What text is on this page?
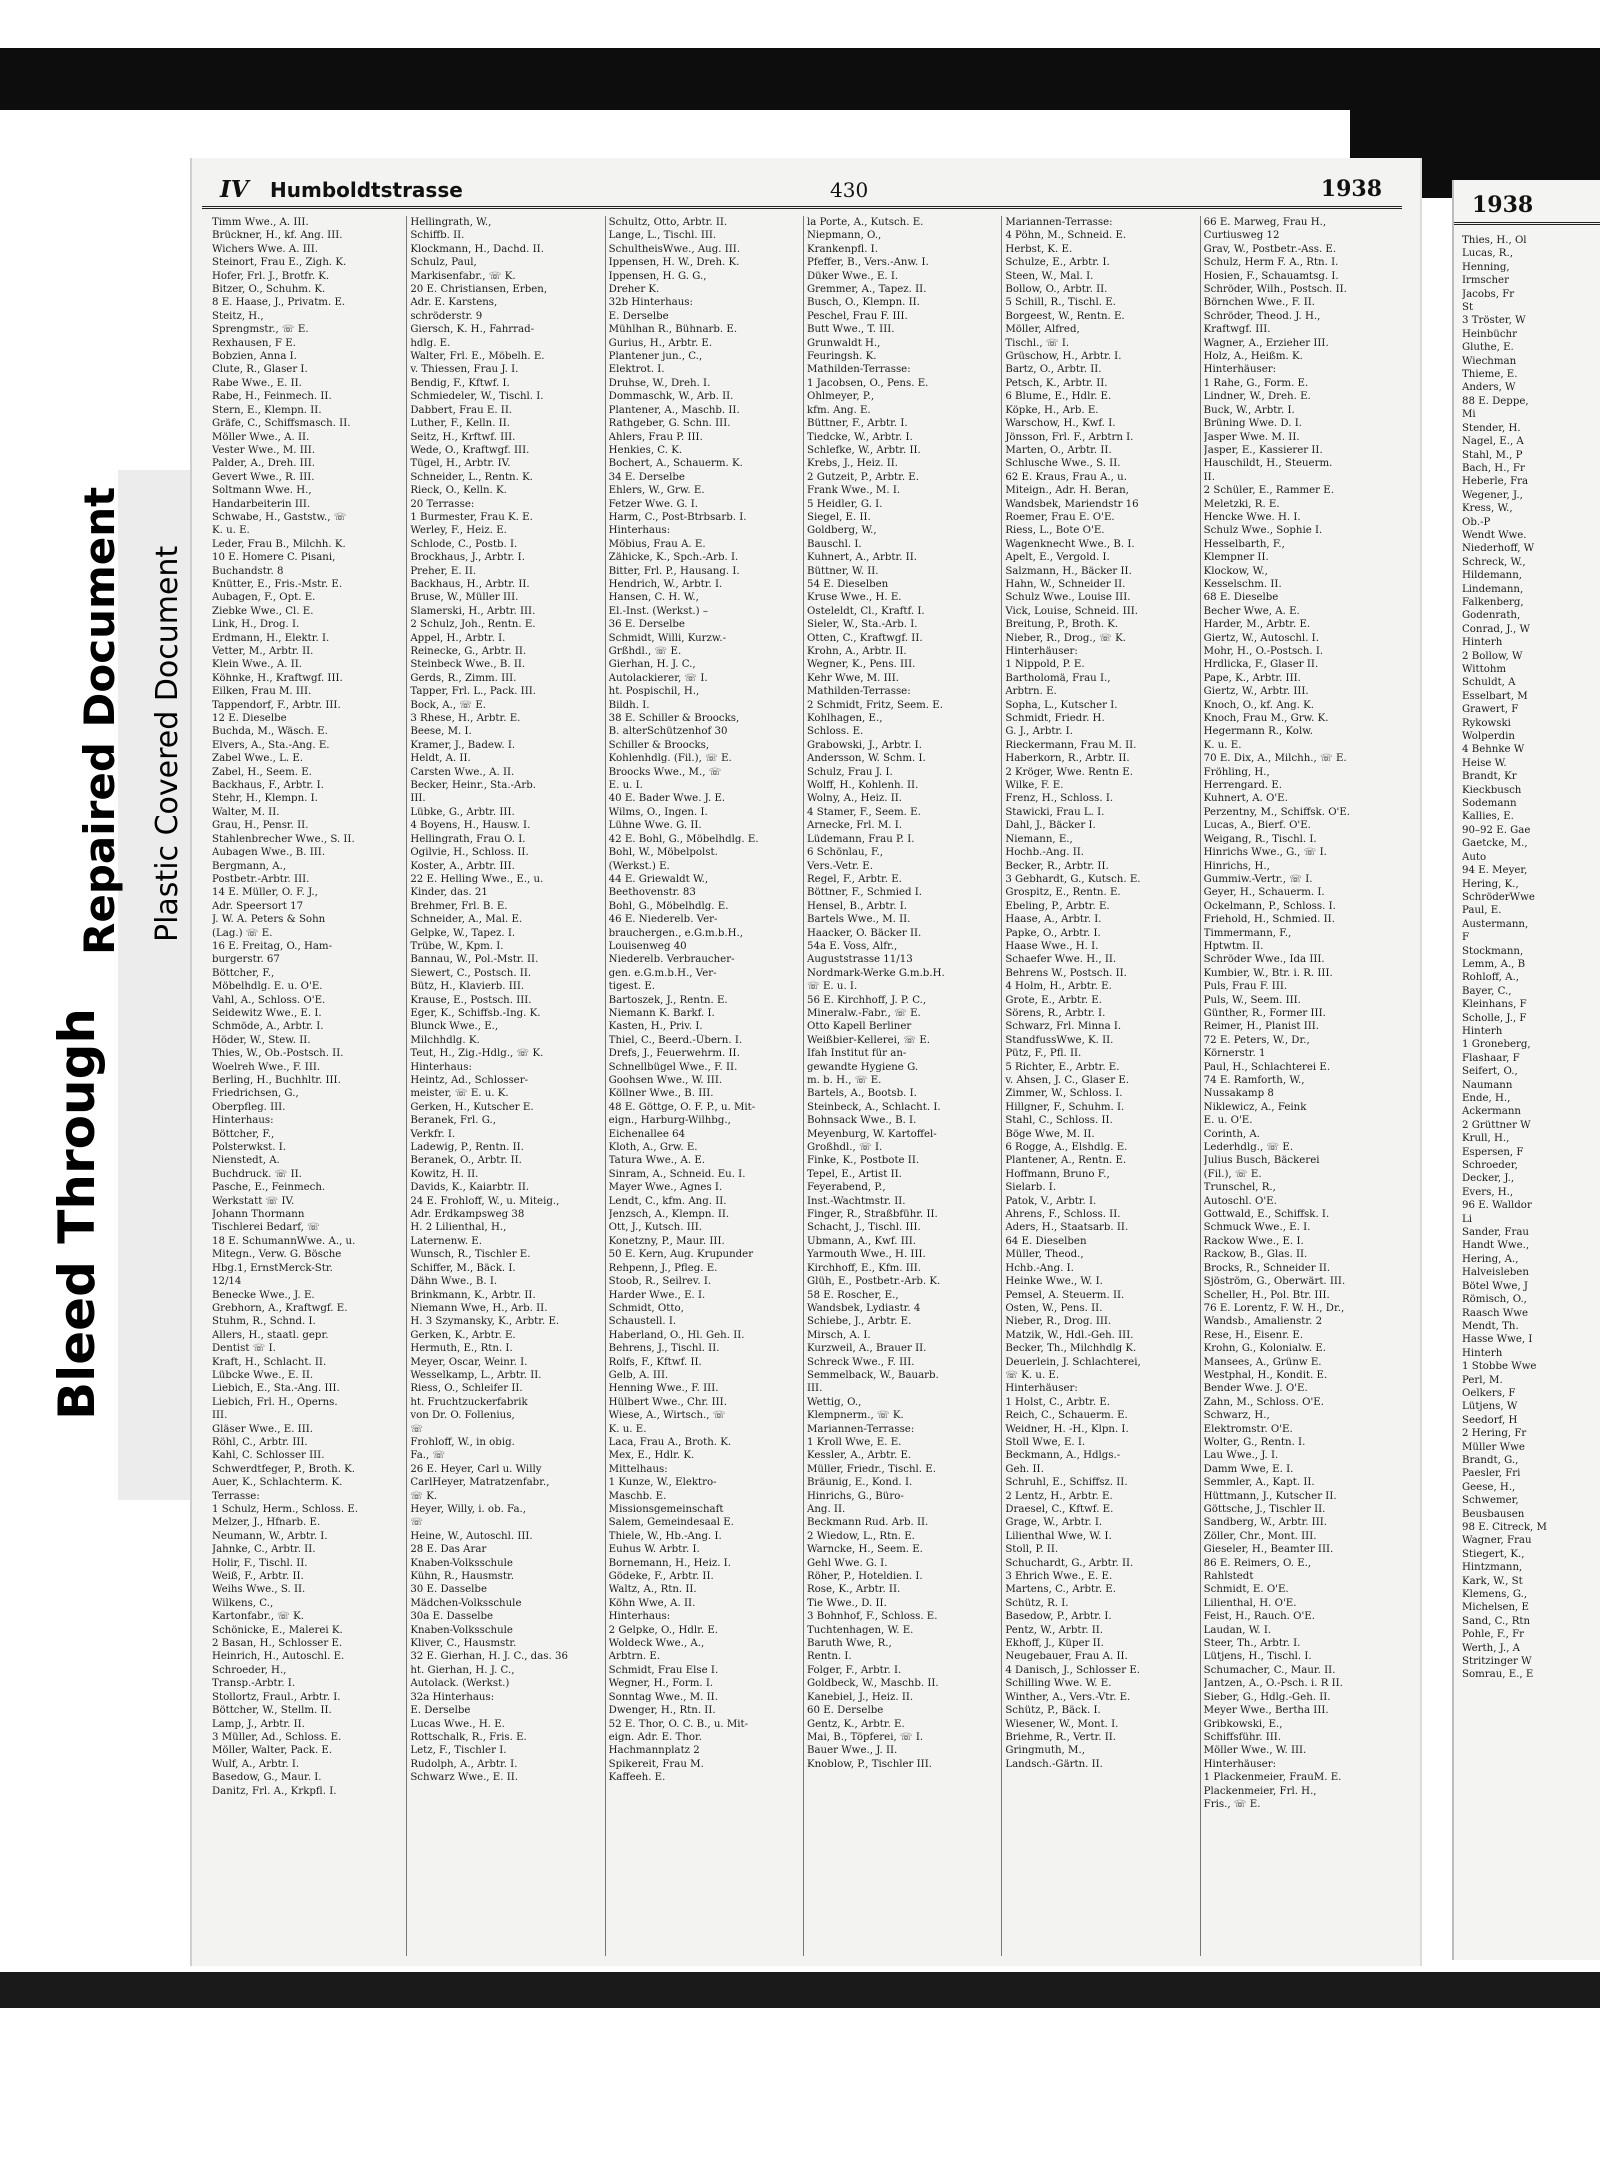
Bleed Through
Repaired Document Plastic Covered Document
IV Humboldtstrasse	430	1938
Timm Wwe., A. III.
Brückner, H., kf. Ang. III.
Wichers Wwe. A. III.
Steinort, Frau E., Zigh. K.
Hofer, Frl. J., Brotfr. K.
Bitzer, O., Schuhm. K.
8 E. Haase, J., Privatm. E.
Steitz, H.,
Sprengmstr., ☏ E.
Rexhausen, F E.
Bobzien, Anna I.
Clute, R., Glaser I.
Rabe Wwe., E. II.
Rabe, H., Feinmech. II.
Stern, E., Klempn. II.
Gräfe, C., Schiffsmasch. II.
Möller Wwe., A. II.
Vester Wwe., M. III.
Palder, A., Dreh. III.
Gevert Wwe., R. III.
Soltmann Wwe. H.,
Handarbeiterin III.
Schwabe, H., Gaststw., ☏
K. u. E.
Leder, Frau B., Milchh. K.
10 E. Homere C. Pisani,
Buchandstr. 8
Knütter, E., Fris.-Mstr. E.
Aubagen, F., Opt. E.
Ziebke Wwe., Cl. E.
Link, H., Drog. I.
Erdmann, H., Elektr. I.
Vetter, M., Arbtr. II.
Klein Wwe., A. II.
Köhnke, H., Kraftwgf. III.
Eilken, Frau M. III.
Tappendorf, F., Arbtr. III.
12 E. Dieselbe
Buchda, M., Wäsch. E.
Elvers, A., Sta.-Ang. E.
Zabel Wwe., L. E.
Zabel, H., Seem. E.
Backhaus, F., Arbtr. I.
Stehr, H., Klempn. I.
Walter, M. II.
Grau, H., Pensr. II.
Stahlenbrecher Wwe., S. II.
Aubagen Wwe., B. III.
Bergmann, A.,
Postbetr.-Arbtr. III.
14 E. Müller, O. F. J.,
Adr. Speersort 17
J. W. A. Peters & Sohn
(Lag.) ☏ E.
16 E. Freitag, O., Ham-
burgerstr. 67
Böttcher, F.,
Möbelhdlg. E. u. O'E.
Vahl, A., Schloss. O'E.
Seidewitz Wwe., E. I.
Schmöde, A., Arbtr. I.
Höder, W., Stew. II.
Thies, W., Ob.-Postsch. II.
Woelreh Wwe., F. III.
Berling, H., Buchhltr. III.
Friedrichsen, G.,
Oberpfleg. III.
Hinterhaus:
Böttcher, F.,
Polsterwkst. I.
Nienstedt, A.
Buchdruck. ☏ II.
Pasche, E., Feinmech.
Werkstatt ☏ IV.
Johann Thormann
Tischlerei Bedarf, ☏
18 E. SchumannWwe. A., u.
Mitegn., Verw. G. Bösche
Hbg.1, ErnstMerck-Str.
12/14
Benecke Wwe., J. E.
Grebhorn, A., Kraftwgf. E.
Stuhm, R., Schnd. I.
Allers, H., staatl. gepr.
Dentist ☏ I.
Kraft, H., Schlacht. II.
Lübcke Wwe., E. II.
Liebich, E., Sta.-Ang. III.
Liebich, Frl. H., Operns.
III.
Gläser Wwe., E. III.
Röhl, C., Arbtr. III.
Kahl, C. Schlosser III.
Schwerdtfeger, P., Broth. K.
Auer, K., Schlachterm. K.
Terrasse:
1 Schulz, Herm., Schloss. E.
Melzer, J., Hfnarb. E.
Neumann, W., Arbtr. I.
Jahnke, C., Arbtr. II.
Holir, F., Tischl. II.
Weiß, F., Arbtr. II.
Weihs Wwe., S. II.
Wilkens, C.,
Kartonfabr., ☏ K.
Schönicke, E., Malerei K.
2 Basan, H., Schlosser E.
Heinrich, H., Autoschl. E.
Schroeder, H.,
Transp.-Arbtr. I.
Stollortz, Fraul., Arbtr. I.
Böttcher, W., Stellm. II.
Lamp, J., Arbtr. II.
3 Müller, Ad., Schloss. E.
Möller, Walter, Pack. E.
Wulf, A., Arbtr. I.
Basedow, G., Maur. I.
Danitz, Frl. A., Krkpfl. I.
Hellingrath, W.,
Schiffb. II.
Klockmann, H., Dachd. II.
Schulz, Paul,
Markisenfabr., ☏ K.
20 E. Christiansen, Erben,
Adr. E. Karstens,
schröderstr. 9
Giersch, K. H., Fahrrad-
hdlg. E.
Walter, Frl. E., Möbelh. E.
v. Thiessen, Frau J. I.
Bendig, F., Kftwf. I.
Schmiedeler, W., Tischl. I.
Dabbert, Frau E. II.
Luther, F., Kelln. II.
Seitz, H., Krftwf. III.
Wede, O., Kraftwgf. III.
Tügel, H., Arbtr. IV.
Schneider, L., Rentn. K.
Rieck, O., Kelln. K.
20 Terrasse:
1 Burmester, Frau K. E.
Werley, F., Heiz. E.
Schlode, C., Postb. I.
Brockhaus, J., Arbtr. I.
Preher, E. II.
Backhaus, H., Arbtr. II.
Bruse, W., Müller III.
Slamerski, H., Arbtr. III.
2 Schulz, Joh., Rentn. E.
Appel, H., Arbtr. I.
Reinecke, G., Arbtr. II.
Steinbeck Wwe., B. II.
Gerds, R., Zimm. III.
Tapper, Frl. L., Pack. III.
Bock, A., ☏ E.
3 Rhese, H., Arbtr. E.
Beese, M. I.
Kramer, J., Badew. I.
Heldt, A. II.
Carsten Wwe., A. II.
Becker, Heinr., Sta.-Arb.
III.
Lübke, G., Arbtr. III.
4 Boyens, H., Hausw. I.
Hellingrath, Frau O. I.
Ogilvie, H., Schloss. II.
Koster, A., Arbtr. III.
22 E. Helling Wwe., E., u.
Kinder, das. 21
Brehmer, Frl. B. E.
Schneider, A., Mal. E.
Gelpke, W., Tapez. I.
Trübe, W., Kpm. I.
Bannau, W., Pol.-Mstr. II.
Siewert, C., Postsch. II.
Bütz, H., Klavierb. III.
Krause, E., Postsch. III.
Eger, K., Schiffsb.-Ing. K.
Blunck Wwe., E.,
Milchhdlg. K.
Teut, H., Zig.-Hdlg., ☏ K.
Hinterhaus:
Heintz, Ad., Schlosser-
meister, ☏ E. u. K.
Gerken, H., Kutscher E.
Beranek, Frl. G.,
Verkfr. I.
Ladewig, P., Rentn. II.
Beranek, O., Arbtr. II.
Kowitz, H. II.
Davids, K., Kaiarbtr. II.
24 E. Frohloff, W., u. Miteig.,
Adr. Erdkampsweg 38
H. 2 Lilienthal, H.,
Laternenw. E.
Wunsch, R., Tischler E.
Schiffer, M., Bäck. I.
Dähn Wwe., B. I.
Brinkmann, K., Arbtr. II.
Niemann Wwe, H., Arb. II.
H. 3 Szymansky, K., Arbtr. E.
Gerken, K., Arbtr. E.
Hermuth, E., Rtn. I.
Meyer, Oscar, Weinr. I.
Wesselkamp, L., Arbtr. II.
Riess, O., Schleifer II.
ht. Fruchtzuckerfabrik
von Dr. O. Follenius,
☏
Frohloff, W., in obig.
Fa., ☏
26 E. Heyer, Carl u. Willy
CarlHeyer, Matratzenfabr.,
☏ K.
Heyer, Willy, i. ob. Fa.,
☏
Heine, W., Autoschl. III.
28 E. Das Arar
Knaben-Volksschule
Kühn, R., Hausmstr.
30 E. Dasselbe
Mädchen-Volksschule
30a E. Dasselbe
Knaben-Volksschule
Kliver, C., Hausmstr.
32 E. Gierhan, H. J. C., das. 36
ht. Gierhan, H. J. C.,
Autolack. (Werkst.)
32a Hinterhaus:
E. Derselbe
Lucas Wwe., H. E.
Rottschalk, R., Fris. E.
Letz, F., Tischler I.
Rudolph, A., Arbtr. I.
Schwarz Wwe., E. II.
Schultz, Otto, Arbtr. II.
Lange, L., Tischl. III.
SchultheisWwe., Aug. III.
Ippensen, H. W., Dreh. K.
Ippensen, H. G. G.,
Dreher K.
32b Hinterhaus:
E. Derselbe
Mühlhan R., Bühnarb. E.
Gurius, H., Arbtr. E.
Plantener jun., C.,
Elektrot. I.
Druhse, W., Dreh. I.
Dommaschk, W., Arb. II.
Plantener, A., Maschb. II.
Rathgeber, G. Schn. III.
Ahlers, Frau P. III.
Henkies, C. K.
Bochert, A., Schauerm. K.
34 E. Derselbe
Ehlers, W., Grw. E.
Fetzer Wwe. G. I.
Harm, C., Post-Btrbsarb. I.
Hinterhaus:
Möbius, Frau A. E.
Zähicke, K., Spch.-Arb. I.
Bitter, Frl. P., Hausang. I.
Hendrich, W., Arbtr. I.
Hansen, C. H. W.,
El.-Inst. (Werkst.) –
36 E. Derselbe
Schmidt, Willi, Kurzw.-
Grßhdl., ☏ E.
Gierhan, H. J. C.,
Autolackierer, ☏ I.
ht. Pospischil, H.,
Bildh. I.
38 E. Schiller & Broocks,
B. alterSchützenhof 30
Schiller & Broocks,
Kohlenhdlg. (Fil.), ☏ E.
Broocks Wwe., M., ☏
E. u. I.
40 E. Bader Wwe. J. E.
Wilms, O., Ingen. I.
Lühne Wwe. G. II.
42 E. Bohl, G., Möbelhdlg. E.
Bohl, W., Möbelpolst.
(Werkst.) E.
44 E. Griewaldt W.,
Beethovenstr. 83
Bohl, G., Möbelhdlg. E.
46 E. Niederelb. Ver-
brauchergen., e.G.m.b.H.,
Louisenweg 40
Niederelb. Verbraucher-
gen. e.G.m.b.H., Ver-
tigest. E.
Bartoszek, J., Rentn. E.
Niemann K. Barkf. I.
Kasten, H., Priv. I.
Thiel, C., Beerd.-Übern. I.
Drefs, J., Feuerwehrm. II.
Schnellbügel Wwe., F. II.
Goohsen Wwe., W. III.
Köllner Wwe., B. III.
48 E. Göttge, O. F. P., u. Mit-
eign., Harburg-Wilhbg.,
Eichenallee 64
Kloth, A., Grw. E.
Tatura Wwe., A. E.
Sinram, A., Schneid. Eu. I.
Mayer Wwe., Agnes I.
Lendt, C., kfm. Ang. II.
Jenzsch, A., Klempn. II.
Ott, J., Kutsch. III.
Konetzny, P., Maur. III.
50 E. Kern, Aug. Krupunder
Rehpenn, J., Pfleg. E.
Stoob, R., Seilrev. I.
Harder Wwe., E. I.
Schmidt, Otto,
Schaustell. I.
Haberland, O., Hl. Geh. II.
Behrens, J., Tischl. II.
Rolfs, F., Kftwf. II.
Gelb, A. III.
Henning Wwe., F. III.
Hülbert Wwe., Chr. III.
Wiese, A., Wirtsch., ☏
K. u. E.
Laca, Frau A., Broth. K.
Mex, E., Hdlr. K.
Mittelhaus:
1 Kunze, W., Elektro-
Maschb. E.
Missionsgemeinschaft
Salem, Gemeindesaal E.
Thiele, W., Hb.-Ang. I.
Euhus W. Arbtr. I.
Bornemann, H., Heiz. I.
Gödeke, F., Arbtr. II.
Waltz, A., Rtn. II.
Köhn Wwe, A. II.
Hinterhaus:
2 Gelpke, O., Hdlr. E.
Woldeck Wwe., A.,
Arbtrn. E.
Schmidt, Frau Else I.
Wegner, H., Form. I.
Sonntag Wwe., M. II.
Dwenger, H., Rtn. II.
52 E. Thor, O. C. B., u. Mit-
eign. Adr. E. Thor.
Hachmannplatz 2
Spikereit, Frau M.
Kaffeeh. E.
la Porte, A., Kutsch. E.
Niepmann, O.,
Krankenpfl. I.
Pfeffer, B., Vers.-Anw. I.
Düker Wwe., E. I.
Gremmer, A., Tapez. II.
Busch, O., Klempn. II.
Peschel, Frau F. III.
Butt Wwe., T. III.
Grunwaldt H.,
Feuringsh. K.
Mathilden-Terrasse:
1 Jacobsen, O., Pens. E.
Ohlmeyer, P.,
kfm. Ang. E.
Büttner, F., Arbtr. I.
Tiedcke, W., Arbtr. I.
Schlefke, W., Arbtr. II.
Krebs, J., Heiz. II.
2 Gutzeit, P., Arbtr. E.
Frank Wwe., M. I.
5 Heidler, G. I.
Siegel, E. II.
Goldberg, W.,
Bauschl. I.
Kuhnert, A., Arbtr. II.
Büttner, W. II.
54 E. Dieselben
Kruse Wwe., H. E.
Osteleldt, Cl., Kraftf. I.
Sieler, W., Sta.-Arb. I.
Otten, C., Kraftwgf. II.
Krohn, A., Arbtr. II.
Wegner, K., Pens. III.
Kehr Wwe, M. III.
Mathilden-Terrasse:
2 Schmidt, Fritz, Seem. E.
Kohlhagen, E.,
Schloss. E.
Grabowski, J., Arbtr. I.
Andersson, W. Schm. I.
Schulz, Frau J. I.
Wolff, H., Kohlenh. II.
Wolny, A., Heiz. II.
4 Stamer, F., Seem. E.
Arnecke, Frl. M. I.
Lüdemann, Frau P. I.
6 Schönlau, F.,
Vers.-Vetr. E.
Regel, F., Arbtr. E.
Böttner, F., Schmied I.
Hensel, B., Arbtr. I.
Bartels Wwe., M. II.
Haacker, O. Bäcker II.
54a E. Voss, Alfr.,
Auguststrasse 11/13
Nordmark-Werke G.m.b.H.
☏ E. u. I.
56 E. Kirchhoff, J. P. C.,
Mineralw.-Fabr., ☏ E.
Otto Kapell Berliner
Weißbier-Kellerei, ☏ E.
Ifah Institut für an-
gewandte Hygiene G.
m. b. H., ☏ E.
Bartels, A., Bootsb. I.
Steinbeck, A., Schlacht. I.
Bohnsack Wwe., B. I.
Meyenburg, W. Kartoffel-
Großhdl., ☏ I.
Finke, K., Postbote II.
Tepel, E., Artist II.
Feyerabend, P.,
Inst.-Wachtmstr. II.
Finger, R., Straßbführ. II.
Schacht, J., Tischl. III.
Ubmann, A., Kwf. III.
Yarmouth Wwe., H. III.
Kirchhoff, E., Kfm. III.
Glüh, E., Postbetr.-Arb. K.
58 E. Roscher, E.,
Wandsbek, Lydiastr. 4
Schiebe, J., Arbtr. E.
Mirsch, A. I.
Kurzweil, A., Brauer II.
Schreck Wwe., F. III.
Semmelback, W., Bauarb.
III.
Wettig, O.,
Klempnerm., ☏ K.
Mariannen-Terrasse:
1 Kroll Wwe, E. E.
Kessler, A., Arbtr. E.
Müller, Friedr., Tischl. E.
Bräunig, E., Kond. I.
Hinrichs, G., Büro-
Ang. II.
Beckmann Rud. Arb. II.
2 Wiedow, L., Rtn. E.
Warncke, H., Seem. E.
Gehl Wwe. G. I.
Röher, P., Hoteldien. I.
Rose, K., Arbtr. II.
Tie Wwe., D. II.
3 Bohnhof, F., Schloss. E.
Tuchtenhagen, W. E.
Baruth Wwe, R.,
Rentn. I.
Folger, F., Arbtr. I.
Goldbeck, W., Maschb. II.
Kanebiel, J., Heiz. II.
60 E. Derselbe
Gentz, K., Arbtr. E.
Mai, B., Töpferei, ☏ I.
Bauer Wwe., J. II.
Knoblow, P., Tischler III.
Mariannen-Terrasse:
4 Pöhn, M., Schneid. E.
Herbst, K. E.
Schulze, E., Arbtr. I.
Steen, W., Mal. I.
Bollow, O., Arbtr. II.
5 Schill, R., Tischl. E.
Borgeest, W., Rentn. E.
Möller, Alfred,
Tischl., ☏ I.
Grüschow, H., Arbtr. I.
Bartz, O., Arbtr. II.
Petsch, K., Arbtr. II.
6 Blume, E., Hdlr. E.
Köpke, H., Arb. E.
Warschow, H., Kwf. I.
Jönsson, Frl. F., Arbtrn I.
Marten, O., Arbtr. II.
Schlusche Wwe., S. II.
62 E. Kraus, Frau A., u.
Miteign., Adr. H. Beran,
Wandsbek, Mariendstr 16
Roemer, Frau E. O'E.
Riess, L., Bote O'E.
Wagenknecht Wwe., B. I.
Apelt, E., Vergold. I.
Salzmann, H., Bäcker II.
Hahn, W., Schneider II.
Schulz Wwe., Louise III.
Vick, Louise, Schneid. III.
Breitung, P., Broth. K.
Nieber, R., Drog., ☏ K.
Hinterhäuser:
1 Nippold, P. E.
Bartholomä, Frau I.,
Arbtrn. E.
Sopha, L., Kutscher I.
Schmidt, Friedr. H.
G. J., Arbtr. I.
Rieckermann, Frau M. II.
Haberkorn, R., Arbtr. II.
2 Kröger, Wwe. Rentn E.
Wilke, F. E.
Frenz, H., Schloss. I.
Stawicki, Frau L. I.
Dahl, J., Bäcker I.
Niemann, E.,
Hochb.-Ang. II.
Becker, R., Arbtr. II.
3 Gebhardt, G., Kutsch. E.
Grospitz, E., Rentn. E.
Ebeling, P., Arbtr. E.
Haase, A., Arbtr. I.
Papke, O., Arbtr. I.
Haase Wwe., H. I.
Schaefer Wwe. H., II.
Behrens W., Postsch. II.
4 Holm, H., Arbtr. E.
Grote, E., Arbtr. E.
Sörens, R., Arbtr. I.
Schwarz, Frl. Minna I.
StandfussWwe, K. II.
Pütz, F., Pfl. II.
5 Richter, E., Arbtr. E.
v. Ahsen, J. C., Glaser E.
Zimmer, W., Schloss. I.
Hillgner, F., Schuhm. I.
Stahl, C., Schloss. II.
Böge Wwe, M. II.
6 Rogge, A., Elshdlg. E.
Plantener, A., Rentn. E.
Hoffmann, Bruno F.,
Sielarb. I.
Patok, V., Arbtr. I.
Ahrens, F., Schloss. II.
Aders, H., Staatsarb. II.
64 E. Dieselben
Müller, Theod.,
Hchb.-Ang. I.
Heinke Wwe., W. I.
Pemsel, A. Steuerm. II.
Osten, W., Pens. II.
Nieber, R., Drog. III.
Matzik, W., Hdl.-Geh. III.
Becker, Th., Milchhdlg K.
Deuerlein, J. Schlachterei,
☏ K. u. E.
Hinterhäuser:
1 Holst, C., Arbtr. E.
Reich, C., Schauerm. E.
Weidner, H. -H., Klpn. I.
Stoll Wwe, E. I.
Beckmann, A., Hdlgs.-
Geh. II.
Schruhl, E., Schiffsz. II.
2 Lentz, H., Arbtr. E.
Draesel, C., Kftwf. E.
Grage, W., Arbtr. I.
Lilienthal Wwe, W. I.
Stoll, P. II.
Schuchardt, G., Arbtr. II.
3 Ehrich Wwe., E. E.
Martens, C., Arbtr. E.
Schütz, R. I.
Basedow, P., Arbtr. I.
Pentz, W., Arbtr. II.
Ekhoff, J., Küper II.
Neugebauer, Frau A. II.
4 Danisch, J., Schlosser E.
Schilling Wwe. W. E.
Winther, A., Vers.-Vtr. E.
Schütz, P., Bäck. I.
Wiesener, W., Mont. I.
Briehme, R., Vertr. II.
Gringmuth, M.,
Landsch.-Gärtn. II.
66 E. Marweg, Frau H.,
Curtiusweg 12
Grav, W., Postbetr.-Ass. E.
Schulz, Herm F. A., Rtn. I.
Hosien, F., Schauamtsg. I.
Schröder, Wilh., Postsch. II.
Börnchen Wwe., F. II.
Schröder, Theod. J. H.,
Kraftwgf. III.
Wagner, A., Erzieher III.
Holz, A., Heißm. K.
Hinterhäuser:
1 Rahe, G., Form. E.
Lindner, W., Dreh. E.
Buck, W., Arbtr. I.
Brüning Wwe. D. I.
Jasper Wwe. M. II.
Jasper, E., Kassierer II.
Hauschildt, H., Steuerm.
II.
2 Schüler, E., Rammer E.
Meletzki, R. E.
Hencke Wwe. H. I.
Schulz Wwe., Sophie I.
Hesselbarth, F.,
Klempner II.
Klockow, W.,
Kesselschm. II.
68 E. Dieselbe
Becher Wwe, A. E.
Harder, M., Arbtr. E.
Giertz, W., Autoschl. I.
Mohr, H., O.-Postsch. I.
Hrdlicka, F., Glaser II.
Pape, K., Arbtr. III.
Giertz, W., Arbtr. III.
Knoch, O., kf. Ang. K.
Knoch, Frau M., Grw. K.
Hegermann R., Kolw.
K. u. E.
70 E. Dix, A., Milchh., ☏ E.
Fröhling, H.,
Herrengard. E.
Kuhnert, A. O'E.
Perzentny, M., Schiffsk. O'E.
Lucas, A., Bierf. O'E.
Weigang, R., Tischl. I.
Hinrichs Wwe., G., ☏ I.
Hinrichs, H.,
Gummiw.-Vertr., ☏ I.
Geyer, H., Schauerm. I.
Ockelmann, P., Schloss. I.
Friehold, H., Schmied. II.
Timmermann, F.,
Hptwtm. II.
Schröder Wwe., Ida III.
Kumbier, W., Btr. i. R. III.
Puls, Frau F. III.
Puls, W., Seem. III.
Günther, R., Former III.
Reimer, H., Planist III.
72 E. Peters, W., Dr.,
Körnerstr. 1
Paul, H., Schlachterei E.
74 E. Ramforth, W.,
Nussakamp 8
Niklewicz, A., Feink
E. u. O'E.
Corinth, A.
Lederhdlg., ☏ E.
Julius Busch, Bäckerei
(Fil.), ☏ E.
Trunschel, R.,
Autoschl. O'E.
Gottwald, E., Schiffsk. I.
Schmuck Wwe., E. I.
Rackow Wwe., E. I.
Rackow, B., Glas. II.
Brocks, R., Schneider II.
Sjöström, G., Oberwärt. III.
Scheller, H., Pol. Btr. III.
76 E. Lorentz, F. W. H., Dr.,
Wandsb., Amalienstr. 2
Rese, H., Eisenr. E.
Krohn, G., Kolonialw. E.
Mansees, A., Grünw E.
Westphal, H., Kondit. E.
Bender Wwe. J. O'E.
Zahn, M., Schloss. O'E.
Schwarz, H.,
Elektromstr. O'E.
Wolter, G., Rentn. I.
Lau Wwe., J. I.
Damm Wwe, E. I.
Semmler, A., Kapt. II.
Hüttmann, J., Kutscher II.
Göttsche, J., Tischler II.
Sandberg, W., Arbtr. III.
Zöller, Chr., Mont. III.
Gieseler, H., Beamter III.
86 E. Reimers, O. E.,
Rahlstedt
Schmidt, E. O'E.
Lilienthal, H. O'E.
Feist, H., Rauch. O'E.
Laudan, W. I.
Steer, Th., Arbtr. I.
Lütjens, H., Tischl. I.
Schumacher, C., Maur. II.
Jantzen, A., O.-Psch. i. R II.
Sieber, G., Hdlg.-Geh. II.
Meyer Wwe., Bertha III.
Gribkowski, E.,
Schiffsführ. III.
Möller Wwe., W. III.
Hinterhäuser:
1 Plackenmeier, FrauM. E.
Plackenmeier, Frl. H.,
Fris., ☏ E.
1938
Thies, H., Ol
Lucas, R.,
Henning,
Irmscher
Jacobs, Fr
St
3 Tröster, W
Heinbüchr
Gluthe, E.
Wiechman
Thieme, E.
Anders, W
88 E. Deppe,
Mi
Stender, H.
Nagel, E., A
Stahl, M., P
Bach, H., Fr
Heberle, Fra
Wegener, J.,
Kress, W.,
Ob.-P
Wendt Wwe.
Niederhoff, W
Schreck, W.,
Hildemann,
Lindemann,
Falkenberg,
Godenrath,
Conrad, J., W
Hinterh
2 Bollow, W
Wittohm
Schuldt, A
Esselbart, M
Grawert, F
Rykowski
Wolperdin
4 Behnke W
Heise W.
Brandt, Kr
Kieckbusch
Sodemann
Kallies, E.
90–92 E. Gae
Gaetcke, M.,
Auto
94 E. Meyer,
Hering, K.,
SchröderWwe
Paul, E.
Austermann,
F
Stockmann,
Lemm, A., B
Rohloff, A.,
Bayer, C.,
Kleinhans, F
Scholle, J., F
Hinterh
1 Groneberg,
Flashaar, F
Seifert, O.,
Naumann
Ende, H.,
Ackermann
2 Grüttner W
Krull, H.,
Espersen, F
Schroeder,
Decker, J.,
Evers, H.,
96 E. Walldor
Li
Sander, Frau
Handt Wwe.,
Hering, A.,
Halveisleben
Bötel Wwe, J
Römisch, O.,
Raasch Wwe
Mendt, Th.
Hasse Wwe, I
Hinterh
1 Stobbe Wwe
Perl, M.
Oelkers, F
Lütjens, W
Seedorf, H
2 Hering, Fr
Müller Wwe
Brandt, G.,
Paesler, Fri
Geese, H.,
Schwemer,
Beusbausen
98 E. Citreck, M
Wagner, Frau
Stiegert, K.,
Hintzmann,
Kark, W., St
Klemens, G.,
Michelsen, E
Sand, C., Rtn
Pohle, F., Fr
Werth, J., A
Stritzinger W
Somrau, E., E
